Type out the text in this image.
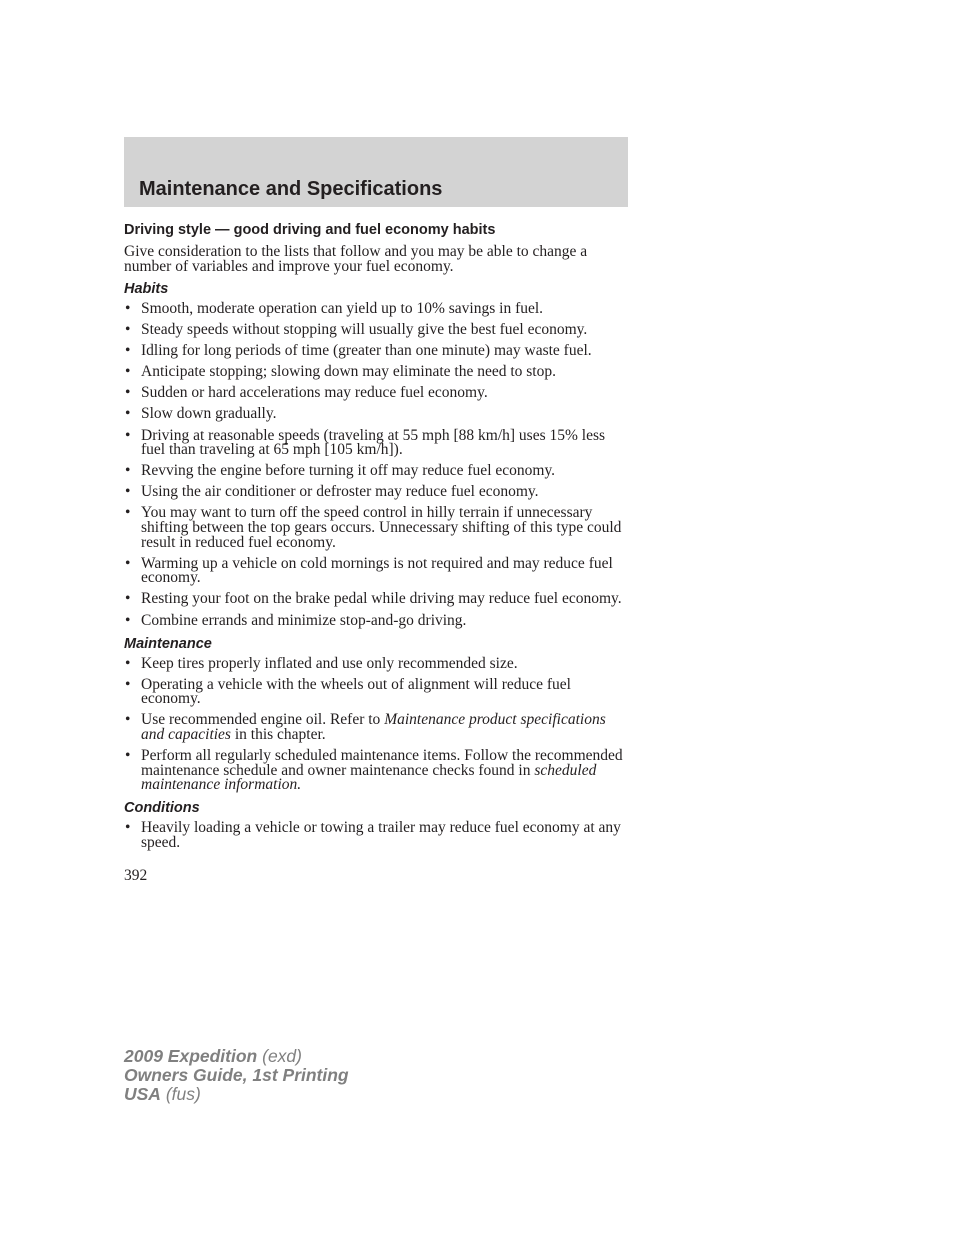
Maintenance and Specifications
Driving style — good driving and fuel economy habits

Give consideration to the lists that follow and you may be able to change a number of variables and improve your fuel economy.

Habits
• Smooth, moderate operation can yield up to 10% savings in fuel.
• Steady speeds without stopping will usually give the best fuel economy.
• Idling for long periods of time (greater than one minute) may waste fuel.
• Anticipate stopping; slowing down may eliminate the need to stop.
• Sudden or hard accelerations may reduce fuel economy.
• Slow down gradually.
• Driving at reasonable speeds (traveling at 55 mph [88 km/h] uses 15% less fuel than traveling at 65 mph [105 km/h]).
• Revving the engine before turning it off may reduce fuel economy.
• Using the air conditioner or defroster may reduce fuel economy.
• You may want to turn off the speed control in hilly terrain if unnecessary shifting between the top gears occurs. Unnecessary shifting of this type could result in reduced fuel economy.
• Warming up a vehicle on cold mornings is not required and may reduce fuel economy.
• Resting your foot on the brake pedal while driving may reduce fuel economy.
• Combine errands and minimize stop-and-go driving.
Maintenance
• Keep tires properly inflated and use only recommended size.
• Operating a vehicle with the wheels out of alignment will reduce fuel economy.
• Use recommended engine oil. Refer to Maintenance product specifications and capacities in this chapter.
• Perform all regularly scheduled maintenance items. Follow the recommended maintenance schedule and owner maintenance checks found in scheduled maintenance information.
Conditions
• Heavily loading a vehicle or towing a trailer may reduce fuel economy at any speed.
392
2009 Expedition (exd)
Owners Guide, 1st Printing
USA (fus)
